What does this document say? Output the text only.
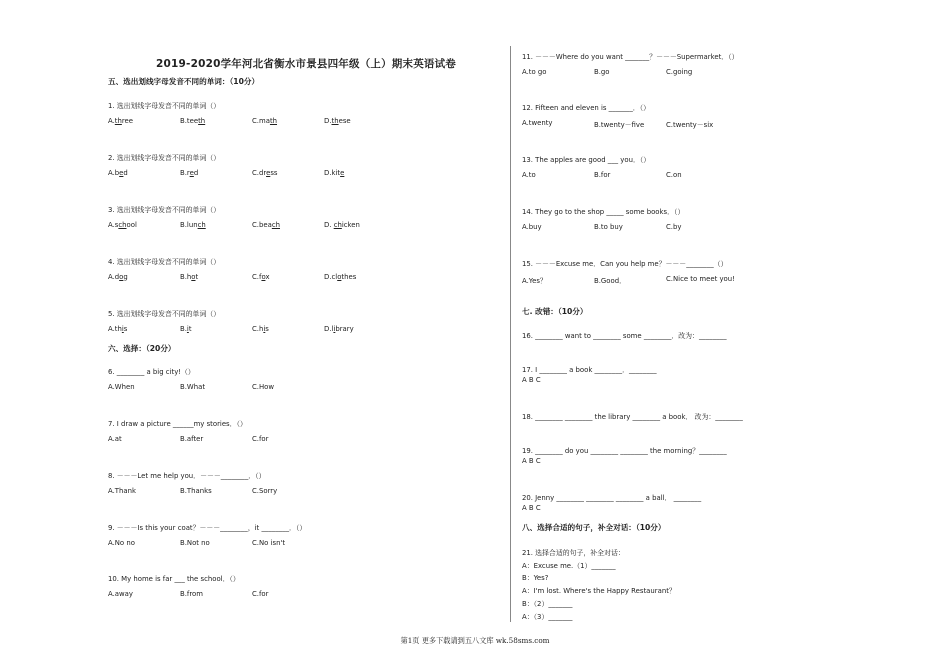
2019-2020学年河北省衡水市景县四年级（上）期末英语试卷
五、选出划线字母发音不同的单词：（10分）
1. 选出划线字母发音不同的单词（）
A.three	B.teeth	C.math	D.these
2. 选出划线字母发音不同的单词（）
A.bed	B.red	C.dress	D.kite
3. 选出划线字母发音不同的单词（）
A.school	B.lunch	C.beach	D. chicken
4. 选出划线字母发音不同的单词（）
A.dog	B.hot	C.fox	D.clothes
5. 选出划线字母发音不同的单词（）
A.this	B.it	C.his	D.library
六、选择：（20分）
6. ________ a big city!（）
A.When	B.What	C.How
7. I draw a picture ______my stories．（）
A.at	B.after	C.for
8. －－－Let me help you．－－－________．（）
A.Thank	B.Thanks	C.Sorry
9. －－－Is this your coat？－－－________，it ________．（）
A.No no	B.Not no	C.No isn't
10. My home is far ___ the school．（）
A.away	B.from	C.for
11. －－－Where do you want _______？－－－Supermarket．（）
A.to go	B.go	C.going
12. Fifteen and eleven is _______．（）
A.twenty	B.twenty－five	C.twenty－six
13. The apples are good ___ you．（）
A.to	B.for	C.on
14. They go to the shop _____ some books．（）
A.buy	B.to buy	C.by
15. －－－Excuse me．Can you help me？－－－________（）
A.Yes？	B.Good．	C.Nice to meet you!
七. 改错：（10分）
16. ________ want to ________ some ________．改为：________
17. I ________ a book ________．________
A B C
18. ________ ________ the library ________ a book． 改为：________
19. ________ do you ________ ________ the morning？________
A B C
20. Jenny ________ ________ ________ a ball． ________
A B C
八、选择合适的句子，补全对话：（10分）
21. 选择合适的句子，补全对话：
A：Excuse me.（1）_______
B：Yes?
A：I'm lost. Where's the Happy Restaurant？
B：（2）_______
A：（3）_______
第1页 更多下载请到五八文库 wk.58sms.com
